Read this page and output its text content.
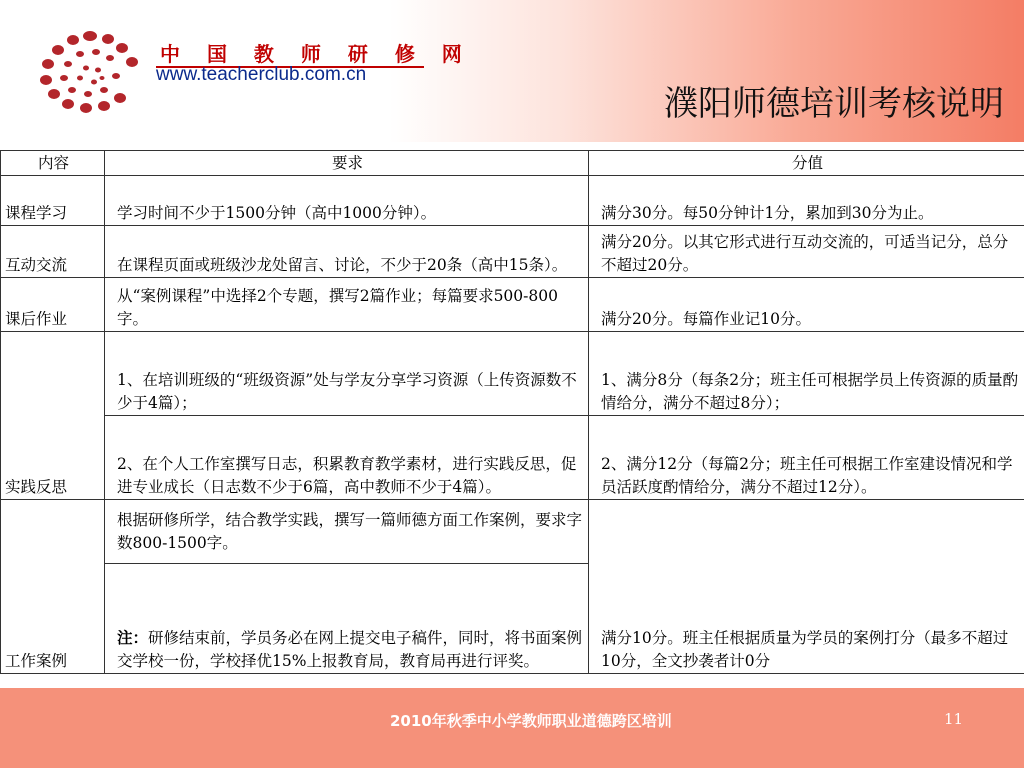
中 国 教 师 研 修 网
www.teacherclub.com.cn
濮阳师德培训考核说明
内容	要求	分值
课程学习	学习时间不少于1500分钟（高中1000分钟）。	满分30分。每50分钟计1分，累加到30分为止。
互动交流	在课程页面或班级沙龙处留言、讨论，不少于20条（高中15条）。	满分20分。以其它形式进行互动交流的，可适当记分，总分不超过20分。
课后作业	从“案例课程”中选择2个专题，撰写2篇作业；每篇要求500-800字。	满分20分。每篇作业记10分。
实践反思	1、在培训班级的“班级资源”处与学友分享学习资源（上传资源数不少于4篇）；	1、满分8分（每条2分；班主任可根据学员上传资源的质量酌情给分，满分不超过8分）；
	2、在个人工作室撰写日志，积累教育教学素材，进行实践反思，促进专业成长（日志数不少于6篇，高中教师不少于4篇）。	2、满分12分（每篇2分；班主任可根据工作室建设情况和学员活跃度酌情给分，满分不超过12分）。
工作案例	根据研修所学，结合教学实践，撰写一篇师德方面工作案例，要求字数800-1500字。	满分10分。班主任根据质量为学员的案例打分（最多不超过10分，全文抄袭者计0分
	注：研修结束前，学员务必在网上提交电子稿件，同时，将书面案例交学校一份，学校择优15%上报教育局，教育局再进行评奖。	
2010年秋季中小学教师职业道德跨区培训	11
